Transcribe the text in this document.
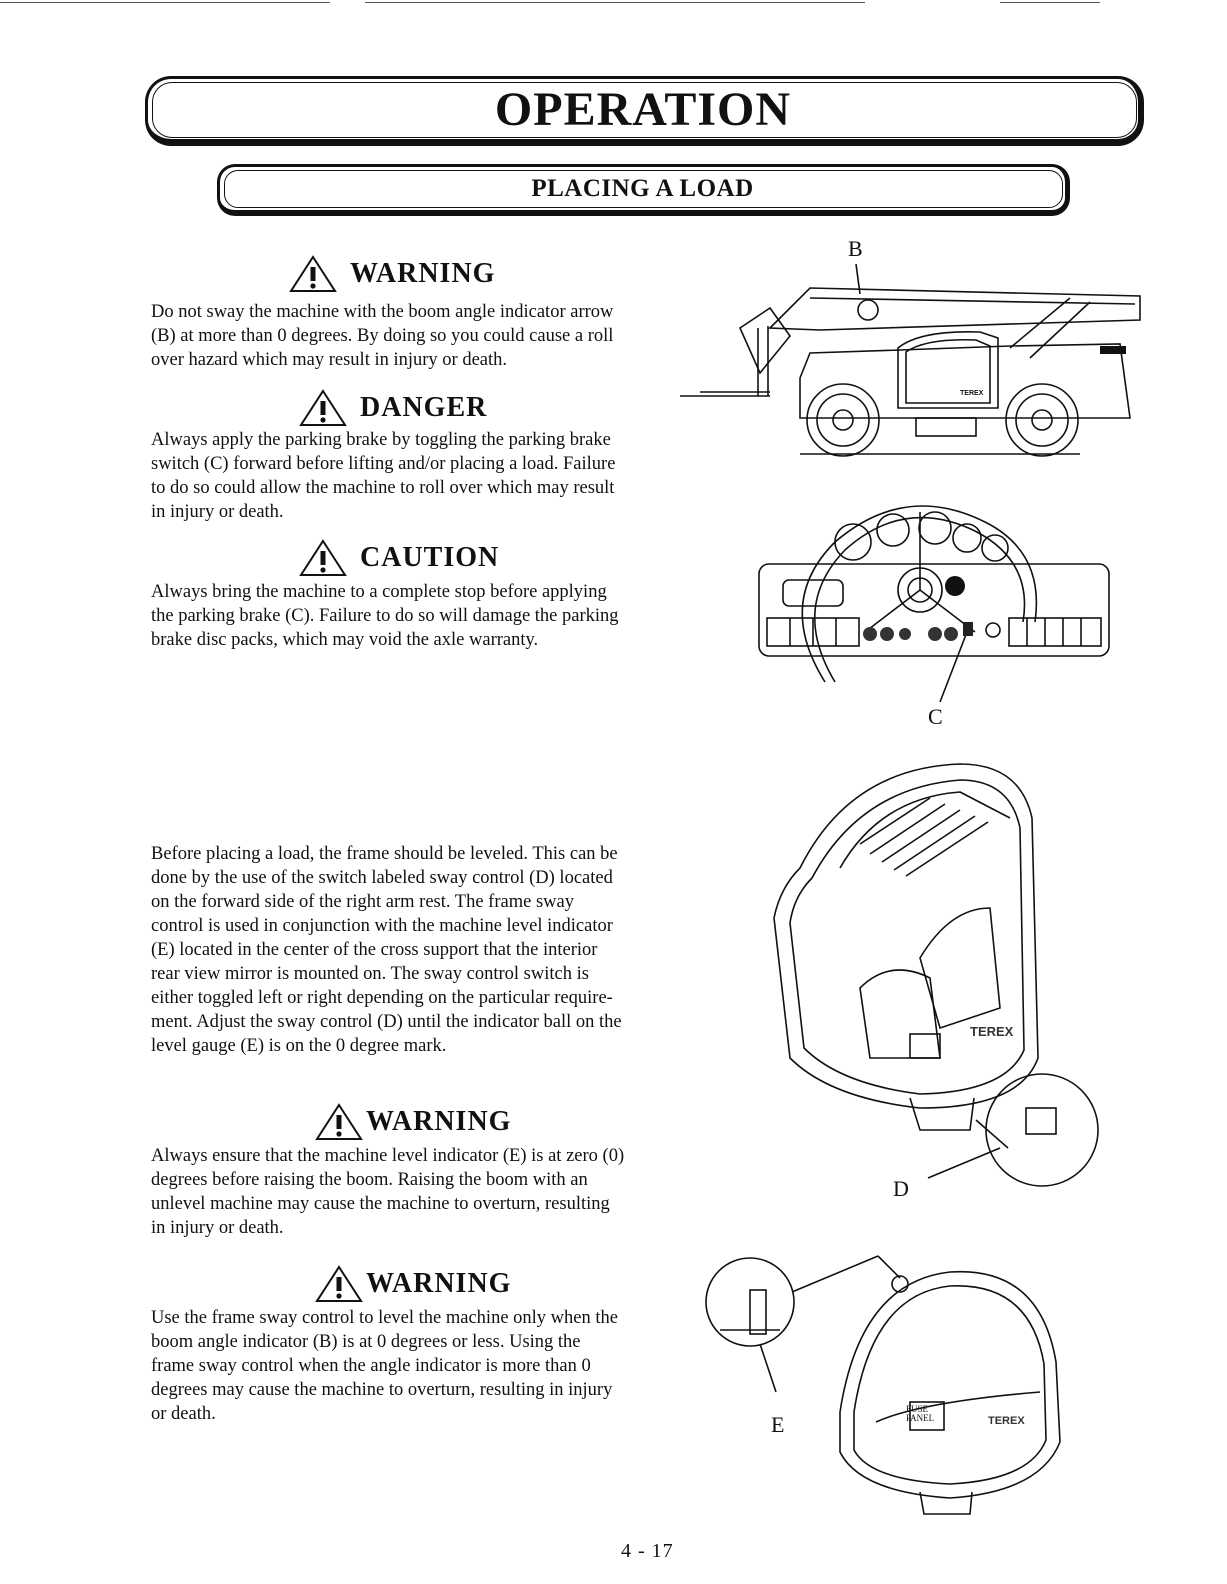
OPERATION
PLACING A LOAD
WARNING
Do not sway the machine with the boom angle indicator arrow
(B) at more than 0 degrees. By doing so you could cause a roll
over hazard which may result in injury or death.
DANGER
Always apply the parking brake by toggling the parking brake
switch (C) forward before lifting and/or placing a load. Failure
to do so could allow the machine to roll over which may result
in injury or death.
CAUTION
Always bring the machine to a complete stop before applying
the parking brake (C). Failure to do so will damage the parking
brake disc packs, which may void the axle warranty.
Before placing a load, the frame should be leveled. This can be
done by the use of the switch labeled sway control (D) located
on the forward side of the right arm rest. The frame sway
control is used in conjunction with the machine level indicator
(E) located in the center of the cross support that the interior
rear view mirror is mounted on. The sway control switch is
either toggled left or right depending on the particular require-
ment. Adjust the sway control (D) until the indicator ball on the
level gauge (E) is on the 0 degree mark.
WARNING
Always ensure that the machine level indicator (E) is at zero (0)
degrees before raising the boom. Raising the boom with an
unlevel machine may cause the machine to overturn, resulting
in injury or death.
WARNING
Use the frame sway control to level the machine only when the
boom angle indicator (B) is at 0 degrees or less. Using the
frame sway control when the angle indicator is more than 0
degrees may cause the machine to overturn, resulting in injury
or death.
B
TEREX
C
TEREX
D
FUSE
PANEL	TEREX
E
4 - 17
